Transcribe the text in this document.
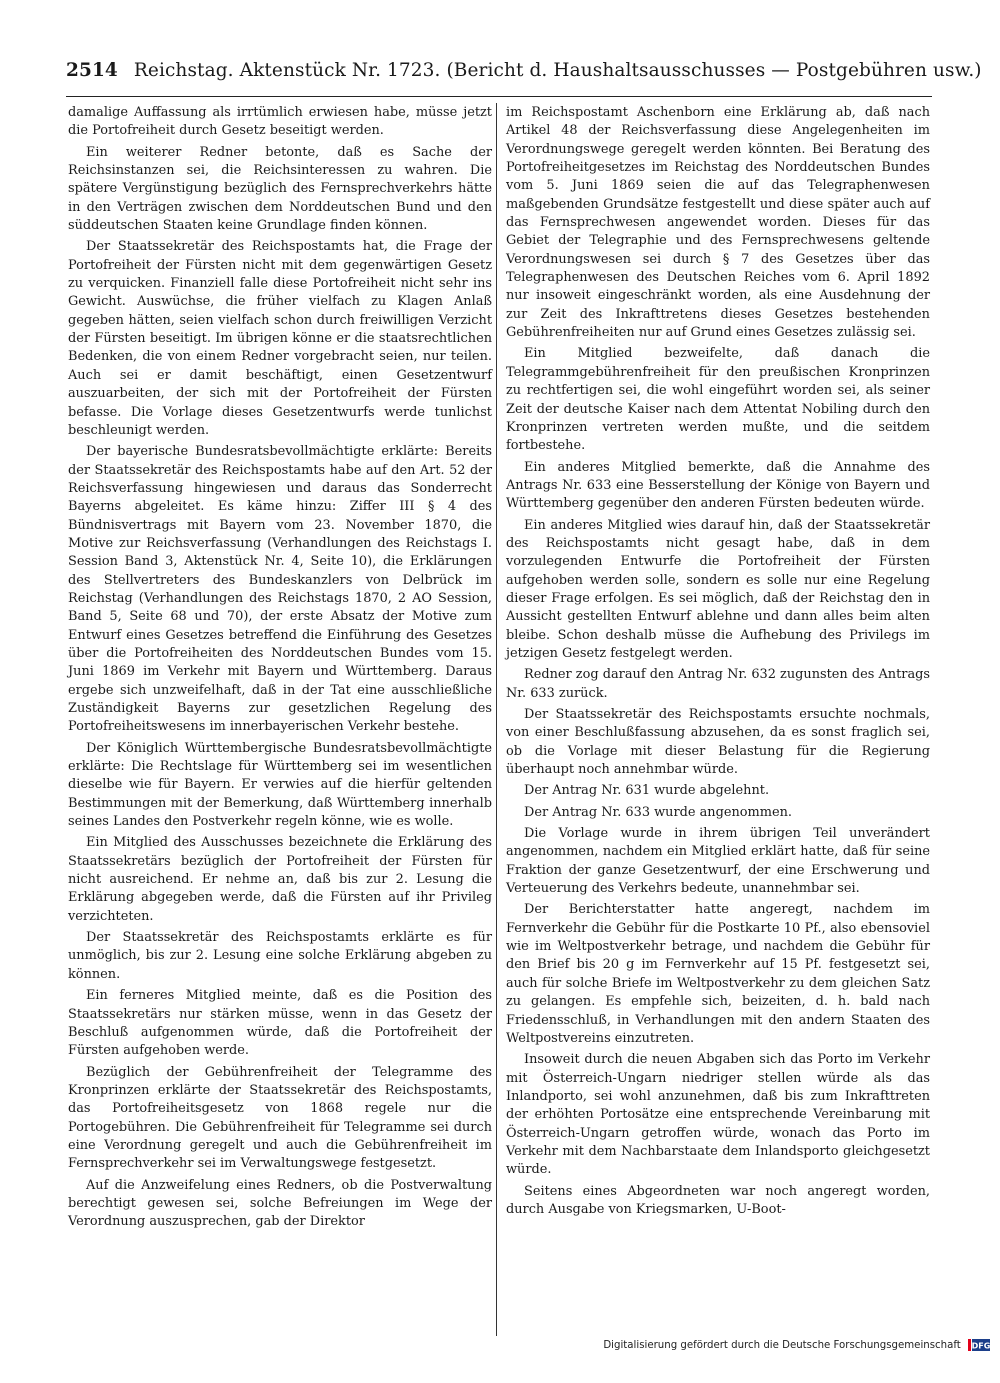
2514 Reichstag. Aktenstück Nr. 1723. (Bericht d. Haushaltsausschusses — Postgebühren usw.)

damalige Auffassung als irrtümlich erwiesen habe, müsse jetzt die Portofreiheit durch Gesetz beseitigt werden.

Ein weiterer Redner betonte, daß es Sache der Reichsinstanzen sei, die Reichsinteressen zu wahren. Die spätere Vergünstigung bezüglich des Fernsprechverkehrs hätte in den Verträgen zwischen dem Norddeutschen Bund und den süddeutschen Staaten keine Grundlage finden können.

Der Staatssekretär des Reichspostamts hat, die Frage der Portofreiheit der Fürsten nicht mit dem gegenwärtigen Gesetz zu verquicken. Finanziell falle diese Portofreiheit nicht sehr ins Gewicht. Auswüchse, die früher vielfach zu Klagen Anlaß gegeben hätten, seien vielfach schon durch freiwilligen Verzicht der Fürsten beseitigt. Im übrigen könne er die staatsrechtlichen Bedenken, die von einem Redner vorgebracht seien, nur teilen. Auch sei er damit beschäftigt, einen Gesetzentwurf auszuarbeiten, der sich mit der Portofreiheit der Fürsten befasse. Die Vorlage dieses Gesetzentwurfs werde tunlichst beschleunigt werden.

Der bayerische Bundesratsbevollmächtigte erklärte: Bereits der Staatssekretär des Reichspostamts habe auf den Art. 52 der Reichsverfassung hingewiesen und daraus das Sonderrecht Bayerns abgeleitet. Es käme hinzu: Ziffer III § 4 des Bündnisvertrags mit Bayern vom 23. November 1870, die Motive zur Reichsverfassung (Verhandlungen des Reichstags I. Session Band 3, Aktenstück Nr. 4, Seite 10), die Erklärungen des Stellvertreters des Bundeskanzlers von Delbrück im Reichstag (Verhandlungen des Reichstags 1870, 2 AO Session, Band 5, Seite 68 und 70), der erste Absatz der Motive zum Entwurf eines Gesetzes betreffend die Einführung des Gesetzes über die Portofreiheiten des Norddeutschen Bundes vom 15. Juni 1869 im Verkehr mit Bayern und Württemberg. Daraus ergebe sich unzweifelhaft, daß in der Tat eine ausschließliche Zuständigkeit Bayerns zur gesetzlichen Regelung des Portofreiheitswesens im innerbayerischen Verkehr bestehe.

Der Königlich Württembergische Bundesratsbevollmächtigte erklärte: Die Rechtslage für Württemberg sei im wesentlichen dieselbe wie für Bayern. Er verwies auf die hierfür geltenden Bestimmungen mit der Bemerkung, daß Württemberg innerhalb seines Landes den Postverkehr regeln könne, wie es wolle.

Ein Mitglied des Ausschusses bezeichnete die Erklärung des Staatssekretärs bezüglich der Portofreiheit der Fürsten für nicht ausreichend. Er nehme an, daß bis zur 2. Lesung die Erklärung abgegeben werde, daß die Fürsten auf ihr Privileg verzichteten.

Der Staatssekretär des Reichspostamts erklärte es für unmöglich, bis zur 2. Lesung eine solche Erklärung abgeben zu können.

Ein ferneres Mitglied meinte, daß es die Position des Staatssekretärs nur stärken müsse, wenn in das Gesetz der Beschluß aufgenommen würde, daß die Portofreiheit der Fürsten aufgehoben werde.

Bezüglich der Gebührenfreiheit der Telegramme des Kronprinzen erklärte der Staatssekretär des Reichspostamts, das Portofreiheitsgesetz von 1868 regele nur die Portogebühren. Die Gebührenfreiheit für Telegramme sei durch eine Verordnung geregelt und auch die Gebührenfreiheit im Fernsprechverkehr sei im Verwaltungswege festgesetzt.

Auf die Anzweifelung eines Redners, ob die Postverwaltung berechtigt gewesen sei, solche Befreiungen im Wege der Verordnung auszusprechen, gab der Direktor

im Reichspostamt Aschenborn eine Erklärung ab, daß nach Artikel 48 der Reichsverfassung diese Angelegenheiten im Verordnungswege geregelt werden könnten. Bei Beratung des Portofreiheitgesetzes im Reichstag des Norddeutschen Bundes vom 5. Juni 1869 seien die auf das Telegraphenwesen maßgebenden Grundsätze festgestellt und diese später auch auf das Fernsprechwesen angewendet worden. Dieses für das Gebiet der Telegraphie und des Fernsprechwesens geltende Verordnungswesen sei durch § 7 des Gesetzes über das Telegraphenwesen des Deutschen Reiches vom 6. April 1892 nur insoweit eingeschränkt worden, als eine Ausdehnung der zur Zeit des Inkrafttretens dieses Gesetzes bestehenden Gebührenfreiheiten nur auf Grund eines Gesetzes zulässig sei.

Ein Mitglied bezweifelte, daß danach die Telegrammgebührenfreiheit für den preußischen Kronprinzen zu rechtfertigen sei, die wohl eingeführt worden sei, als seiner Zeit der deutsche Kaiser nach dem Attentat Nobiling durch den Kronprinzen vertreten werden mußte, und die seitdem fortbestehe.

Ein anderes Mitglied bemerkte, daß die Annahme des Antrags Nr. 633 eine Besserstellung der Könige von Bayern und Württemberg gegenüber den anderen Fürsten bedeuten würde.

Ein anderes Mitglied wies darauf hin, daß der Staatssekretär des Reichspostamts nicht gesagt habe, daß in dem vorzulegenden Entwurfe die Portofreiheit der Fürsten aufgehoben werden solle, sondern es solle nur eine Regelung dieser Frage erfolgen. Es sei möglich, daß der Reichstag den in Aussicht gestellten Entwurf ablehne und dann alles beim alten bleibe. Schon deshalb müsse die Aufhebung des Privilegs im jetzigen Gesetz festgelegt werden.

Redner zog darauf den Antrag Nr. 632 zugunsten des Antrags Nr. 633 zurück.

Der Staatssekretär des Reichspostamts ersuchte nochmals, von einer Beschlußfassung abzusehen, da es sonst fraglich sei, ob die Vorlage mit dieser Belastung für die Regierung überhaupt noch annehmbar würde.

Der Antrag Nr. 631 wurde abgelehnt.

Der Antrag Nr. 633 wurde angenommen.

Die Vorlage wurde in ihrem übrigen Teil unverändert angenommen, nachdem ein Mitglied erklärt hatte, daß für seine Fraktion der ganze Gesetzentwurf, der eine Erschwerung und Verteuerung des Verkehrs bedeute, unannehmbar sei.

Der Berichterstatter hatte angeregt, nachdem im Fernverkehr die Gebühr für die Postkarte 10 Pf., also ebensoviel wie im Weltpostverkehr betrage, und nachdem die Gebühr für den Brief bis 20 g im Fernverkehr auf 15 Pf. festgesetzt sei, auch für solche Briefe im Weltpostverkehr zu dem gleichen Satz zu gelangen. Es empfehle sich, beizeiten, d. h. bald nach Friedensschluß, in Verhandlungen mit den andern Staaten des Weltpostvereins einzutreten.

Insoweit durch die neuen Abgaben sich das Porto im Verkehr mit Österreich-Ungarn niedriger stellen würde als das Inlandporto, sei wohl anzunehmen, daß bis zum Inkrafttreten der erhöhten Portosätze eine entsprechende Vereinbarung mit Österreich-Ungarn getroffen würde, wonach das Porto im Verkehr mit dem Nachbarstaate dem Inlandsporto gleichgesetzt würde.

Seitens eines Abgeordneten war noch angeregt worden, durch Ausgabe von Kriegsmarken, U-Boot-

Digitalisierung gefördert durch die Deutsche Forschungsgemeinschaft DFG
